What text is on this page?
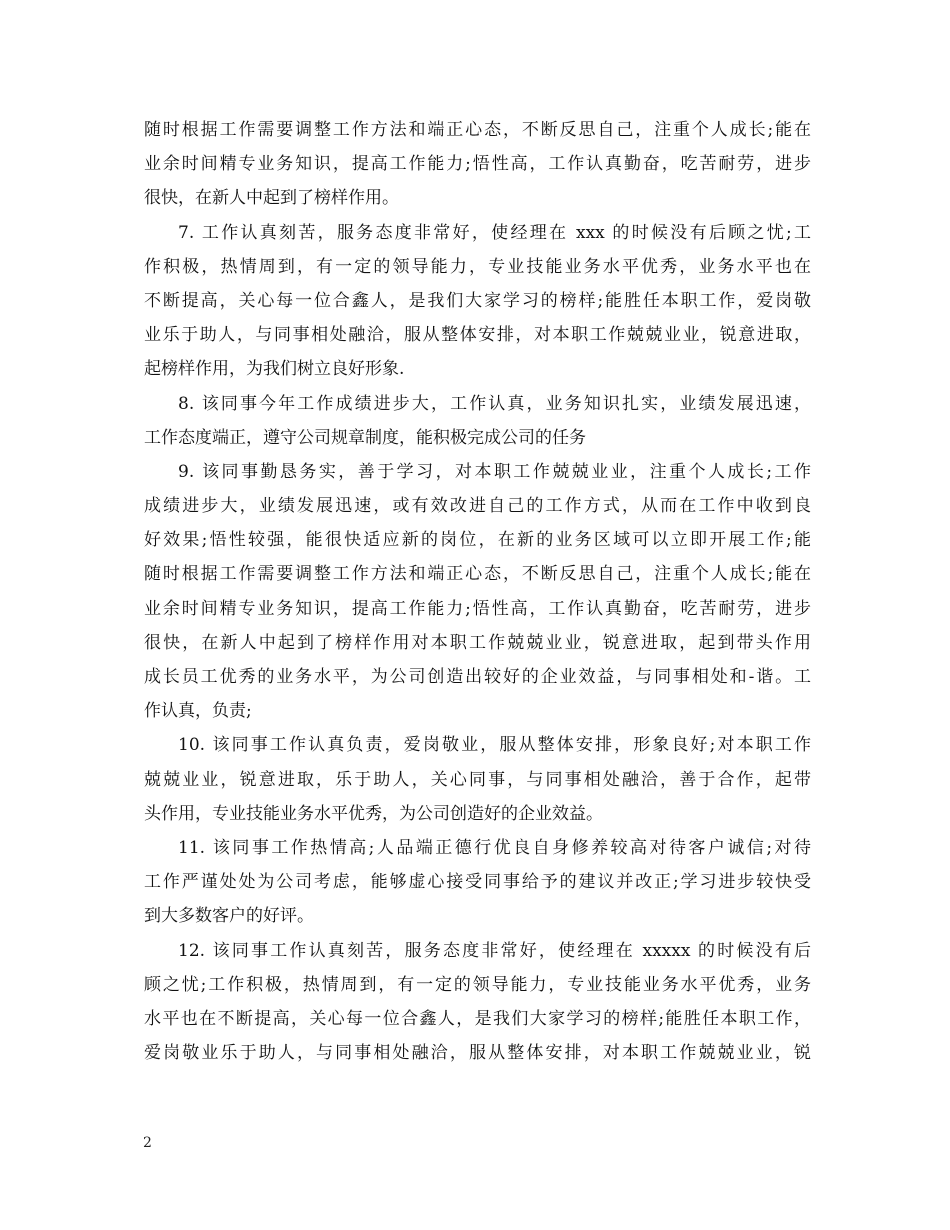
随时根据工作需要调整工作方法和端正心态，不断反思自己，注重个人成长;能在
业余时间精专业务知识，提高工作能力;悟性高，工作认真勤奋，吃苦耐劳，进步
很快，在新人中起到了榜样作用。
7. 工作认真刻苦，服务态度非常好，使经理在 xxx 的时候没有后顾之忧;工
作积极，热情周到，有一定的领导能力，专业技能业务水平优秀，业务水平也在
不断提高，关心每一位合鑫人，是我们大家学习的榜样;能胜任本职工作，爱岗敬
业乐于助人，与同事相处融洽，服从整体安排，对本职工作兢兢业业，锐意进取，
起榜样作用，为我们树立良好形象.
8. 该同事今年工作成绩进步大，工作认真，业务知识扎实，业绩发展迅速，
工作态度端正，遵守公司规章制度，能积极完成公司的任务
9. 该同事勤恳务实，善于学习，对本职工作兢兢业业，注重个人成长;工作
成绩进步大，业绩发展迅速，或有效改进自己的工作方式，从而在工作中收到良
好效果;悟性较强，能很快适应新的岗位，在新的业务区域可以立即开展工作;能
随时根据工作需要调整工作方法和端正心态，不断反思自己，注重个人成长;能在
业余时间精专业务知识，提高工作能力;悟性高，工作认真勤奋，吃苦耐劳，进步
很快，在新人中起到了榜样作用对本职工作兢兢业业，锐意进取，起到带头作用
成长员工优秀的业务水平，为公司创造出较好的企业效益，与同事相处和-谐。工
作认真，负责;
10. 该同事工作认真负责，爱岗敬业，服从整体安排，形象良好;对本职工作
兢兢业业，锐意进取，乐于助人，关心同事，与同事相处融洽，善于合作，起带
头作用，专业技能业务水平优秀，为公司创造好的企业效益。
11. 该同事工作热情高;人品端正德行优良自身修养较高对待客户诚信;对待
工作严谨处处为公司考虑，能够虚心接受同事给予的建议并改正;学习进步较快受
到大多数客户的好评。
12. 该同事工作认真刻苦，服务态度非常好，使经理在 xxxxx 的时候没有后
顾之忧;工作积极，热情周到，有一定的领导能力，专业技能业务水平优秀，业务
水平也在不断提高，关心每一位合鑫人，是我们大家学习的榜样;能胜任本职工作，
爱岗敬业乐于助人，与同事相处融洽，服从整体安排，对本职工作兢兢业业，锐
2
